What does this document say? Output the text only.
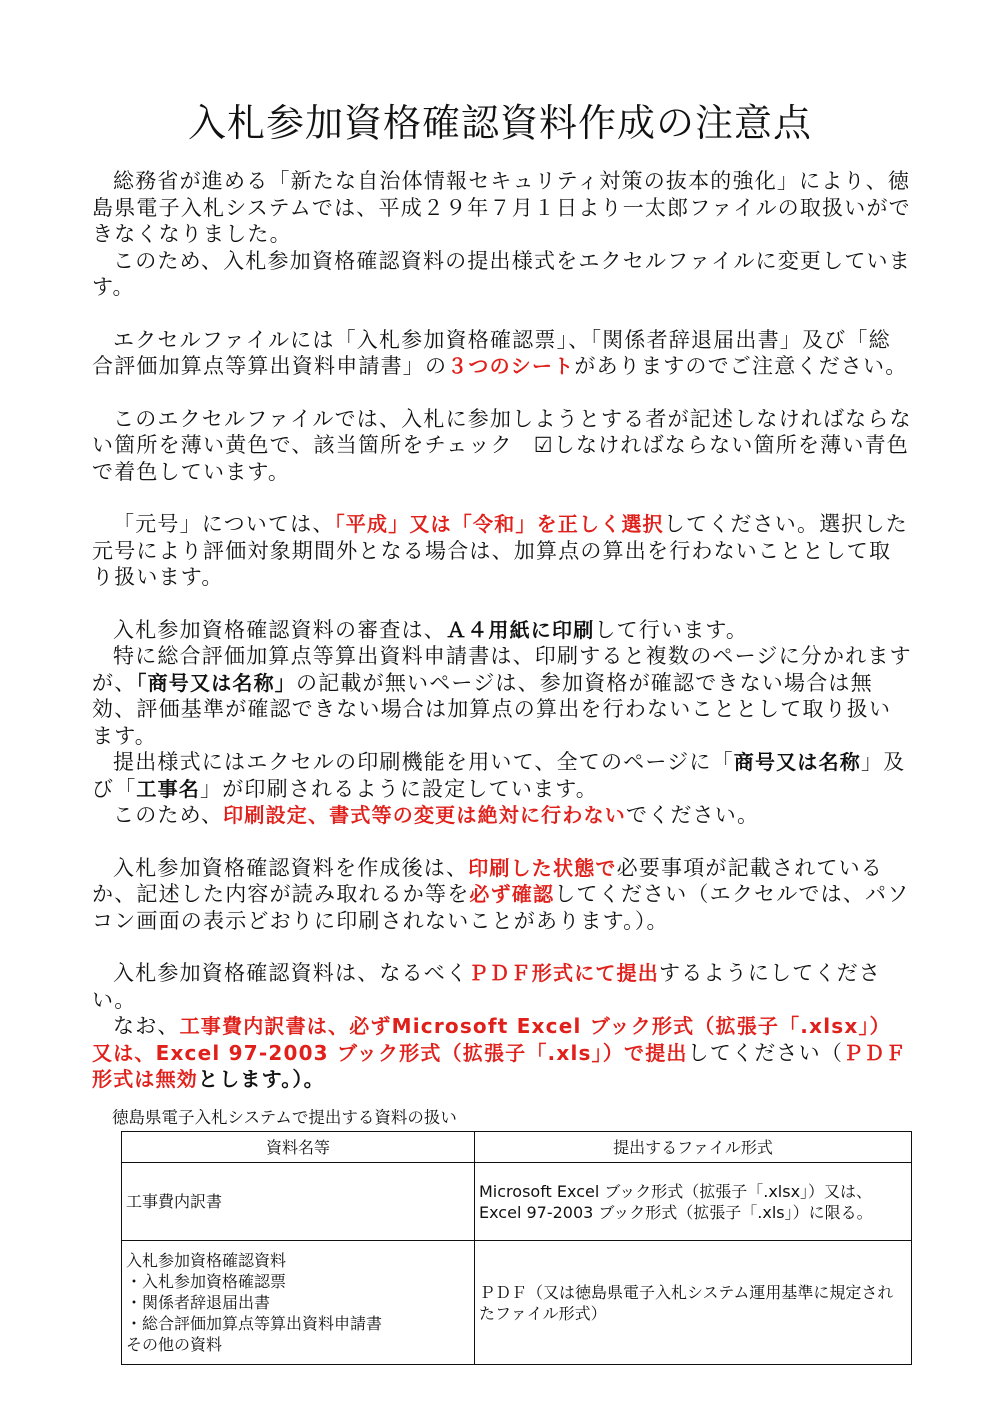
入札参加資格確認資料作成の注意点

総務省が進める「新たな自治体情報セキュリティ対策の抜本的強化」により、徳島県電子入札システムでは、平成２９年７月１日より一太郎ファイルの取扱いができなくなりました。

このため、入札参加資格確認資料の提出様式をエクセルファイルに変更しています。

エクセルファイルには「入札参加資格確認票」、「関係者辞退届出書」及び「総合評価加算点等算出資料申請書」の３つのシートがありますのでご注意ください。

このエクセルファイルでは、入札に参加しようとする者が記述しなければならない箇所を薄い黄色で、該当箇所をチェック ☑しなければならない箇所を薄い青色で着色しています。

「元号」については、「平成」又は「令和」を正しく選択してください。選択した元号により評価対象期間外となる場合は、加算点の算出を行わないこととして取り扱います。

入札参加資格確認資料の審査は、Ａ４用紙に印刷して行います。

特に総合評価加算点等算出資料申請書は、印刷すると複数のページに分かれますが、「商号又は名称」の記載が無いページは、参加資格が確認できない場合は無効、評価基準が確認できない場合は加算点の算出を行わないこととして取り扱います。

提出様式にはエクセルの印刷機能を用いて、全てのページに「商号又は名称」及び「工事名」が印刷されるように設定しています。

このため、印刷設定、書式等の変更は絶対に行わないでください。

入札参加資格確認資料を作成後は、印刷した状態で必要事項が記載されているか、記述した内容が読み取れるか等を必ず確認してください（エクセルでは、パソコン画面の表示どおりに印刷されないことがあります。）。

入札参加資格確認資料は、なるべくＰＤＦ形式にて提出するようにしてください。

なお、工事費内訳書は、必ずMicrosoft Excel ブック形式（拡張子「.xlsx」）又は、Excel 97-2003 ブック形式（拡張子「.xls」）で提出してください（ＰＤＦ形式は無効とします。）。

徳島県電子入札システムで提出する資料の扱い
資料名等	提出するファイル形式
工事費内訳書	Microsoft Excel ブック形式（拡張子「.xlsx」）又は、Excel 97-2003 ブック形式（拡張子「.xls」）に限る。

入札参加資格確認資料
・入札参加資格確認票
・関係者辞退届出書
・総合評価加算点等算出資料申請書
その他の資料	ＰＤＦ（又は徳島県電子入札システム運用基準に規定されたファイル形式）
